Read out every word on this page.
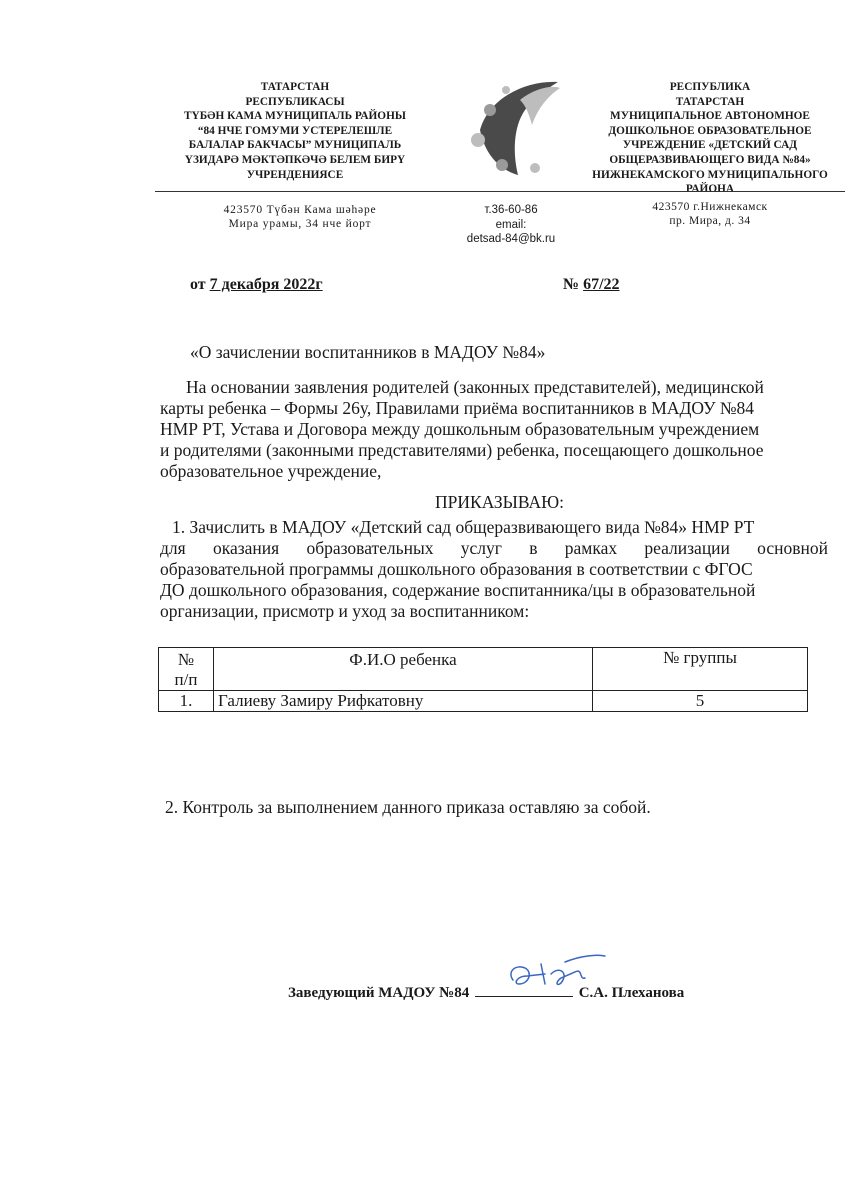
ТАТАРСТАН
РЕСПУБЛИКАСЫ
ТҮБӘН КАМА МУНИЦИПАЛЬ РАЙОНЫ
“84 НЧЕ ГОМУМИ УСТЕРЕЛЕШЛЕ
БАЛАЛАР БАКЧАСЫ” МУНИЦИПАЛЬ
ҮЗИДАРӘ МӘКТӘПКӘЧӘ БЕЛЕМ БИРҮ
УЧРЕНДЕНИЯСЕ
РЕСПУБЛИКА
ТАТАРСТАН
МУНИЦИПАЛЬНОЕ АВТОНОМНОЕ
ДОШКОЛЬНОЕ ОБРАЗОВАТЕЛЬНОЕ
УЧРЕЖДЕНИЕ «ДЕТСКИЙ САД
ОБЩЕРАЗВИВАЮЩЕГО ВИДА №84»
НИЖНЕКАМСКОГО МУНИЦИПАЛЬНОГО
РАЙОНА
423570 Түбән Кама шәһәре
Мира урамы, 34 нче йорт
т.36-60-86
email:
detsad-84@bk.ru
423570 г.Нижнекамск
пр. Мира, д. 34
от 7 декабря 2022г	№ 67/22
«О зачислении воспитанников в МАДОУ №84»
На основании заявления родителей (законных представителей), медицинской
карты ребенка – Формы 26у, Правилами приёма воспитанников в МАДОУ №84
НМР РТ, Устава и Договора между дошкольным образовательным учреждением
и родителями (законными представителями) ребенка, посещающего дошкольное
образовательное учреждение,
ПРИКАЗЫВАЮ:
1. Зачислить в МАДОУ «Детский сад общеразвивающего вида №84» НМР РТ
для оказания образовательных услуг в рамках реализации основной
образовательной программы дошкольного образования в соответствии с ФГОС
ДО дошкольного образования, содержание воспитанника/цы в образовательной
организации, присмотр и уход за воспитанником:
№
п/п	Ф.И.О ребенка	№ группы
1.	Галиеву Замиру Рифкатовну	5
2. Контроль за выполнением данного приказа оставляю за собой.
Заведующий МАДОУ №84	С.А. Плеханова
